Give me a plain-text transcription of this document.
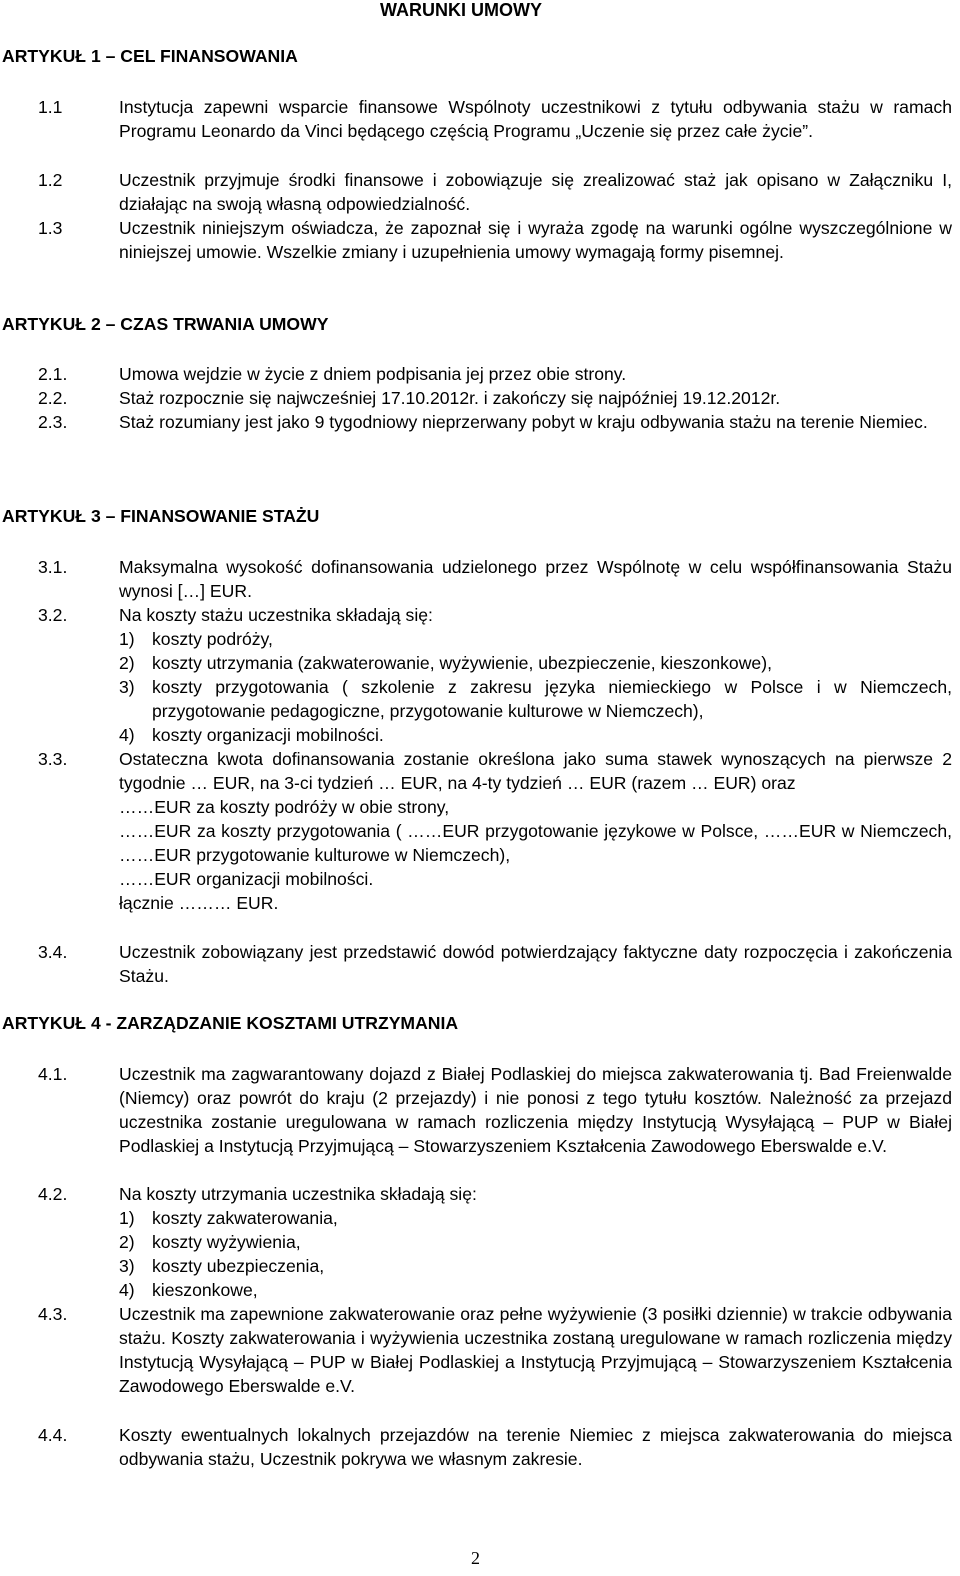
WARUNKI UMOWY
ARTYKUŁ 1 – CEL FINANSOWANIA
1.1	Instytucja zapewni wsparcie finansowe Wspólnoty uczestnikowi z tytułu odbywania stażu w ramach Programu Leonardo da Vinci będącego częścią Programu „Uczenie się przez całe życie”.
1.2	Uczestnik przyjmuje środki finansowe i zobowiązuje się zrealizować staż jak opisano w Załączniku I, działając na swoją własną odpowiedzialność.
1.3	Uczestnik niniejszym oświadcza, że zapoznał się i wyraża zgodę na warunki ogólne wyszczególnione w niniejszej umowie. Wszelkie zmiany i uzupełnienia umowy wymagają formy pisemnej.
ARTYKUŁ 2 – CZAS TRWANIA UMOWY
2.1.	Umowa wejdzie w życie z dniem podpisania jej przez obie strony.
2.2.	Staż rozpocznie się najwcześniej 17.10.2012r. i zakończy się najpóźniej 19.12.2012r.
2.3.	Staż rozumiany jest jako 9 tygodniowy nieprzerwany pobyt w kraju odbywania stażu na terenie Niemiec.
ARTYKUŁ 3 – FINANSOWANIE STAŻU
3.1.	Maksymalna wysokość dofinansowania udzielonego przez Wspólnotę w celu współfinansowania Stażu wynosi […] EUR.
3.2.	Na koszty stażu uczestnika składają się:
1) koszty podróży,
2) koszty utrzymania (zakwaterowanie, wyżywienie, ubezpieczenie, kieszonkowe),
3) koszty przygotowania ( szkolenie z zakresu języka niemieckiego w Polsce i w Niemczech, przygotowanie pedagogiczne, przygotowanie kulturowe w Niemczech),
4) koszty organizacji mobilności.
3.3.	Ostateczna kwota dofinansowania zostanie określona jako suma stawek wynoszących na pierwsze 2 tygodnie … EUR, na 3-ci tydzień … EUR, na 4-ty tydzień … EUR (razem … EUR) oraz
……EUR za koszty podróży w obie strony,
……EUR za koszty przygotowania ( ……EUR przygotowanie językowe w Polsce, ……EUR w Niemczech, ……EUR przygotowanie kulturowe w Niemczech),
……EUR organizacji mobilności.
łącznie ……… EUR.
3.4.	Uczestnik zobowiązany jest przedstawić dowód potwierdzający faktyczne daty rozpoczęcia i zakończenia Stażu.
ARTYKUŁ 4 - ZARZĄDZANIE KOSZTAMI UTRZYMANIA
4.1.	Uczestnik ma zagwarantowany dojazd z Białej Podlaskiej do miejsca zakwaterowania tj. Bad Freienwalde (Niemcy) oraz powrót do kraju (2 przejazdy) i nie ponosi z tego tytułu kosztów. Należność za przejazd uczestnika zostanie uregulowana w ramach rozliczenia między Instytucją Wysyłającą – PUP w Białej Podlaskiej a Instytucją Przyjmującą – Stowarzyszeniem Kształcenia Zawodowego Eberswalde e.V.
4.2.	Na koszty utrzymania uczestnika składają się:
1) koszty zakwaterowania,
2) koszty wyżywienia,
3) koszty ubezpieczenia,
4) kieszonkowe,
4.3.	Uczestnik ma zapewnione zakwaterowanie oraz pełne wyżywienie (3 posiłki dziennie) w trakcie odbywania stażu. Koszty zakwaterowania i wyżywienia uczestnika zostaną uregulowane w ramach rozliczenia między Instytucją Wysyłającą – PUP w Białej Podlaskiej a Instytucją Przyjmującą – Stowarzyszeniem Kształcenia Zawodowego Eberswalde e.V.
4.4.	Koszty ewentualnych lokalnych przejazdów na terenie Niemiec z miejsca zakwaterowania do miejsca odbywania stażu, Uczestnik pokrywa we własnym zakresie.
2
